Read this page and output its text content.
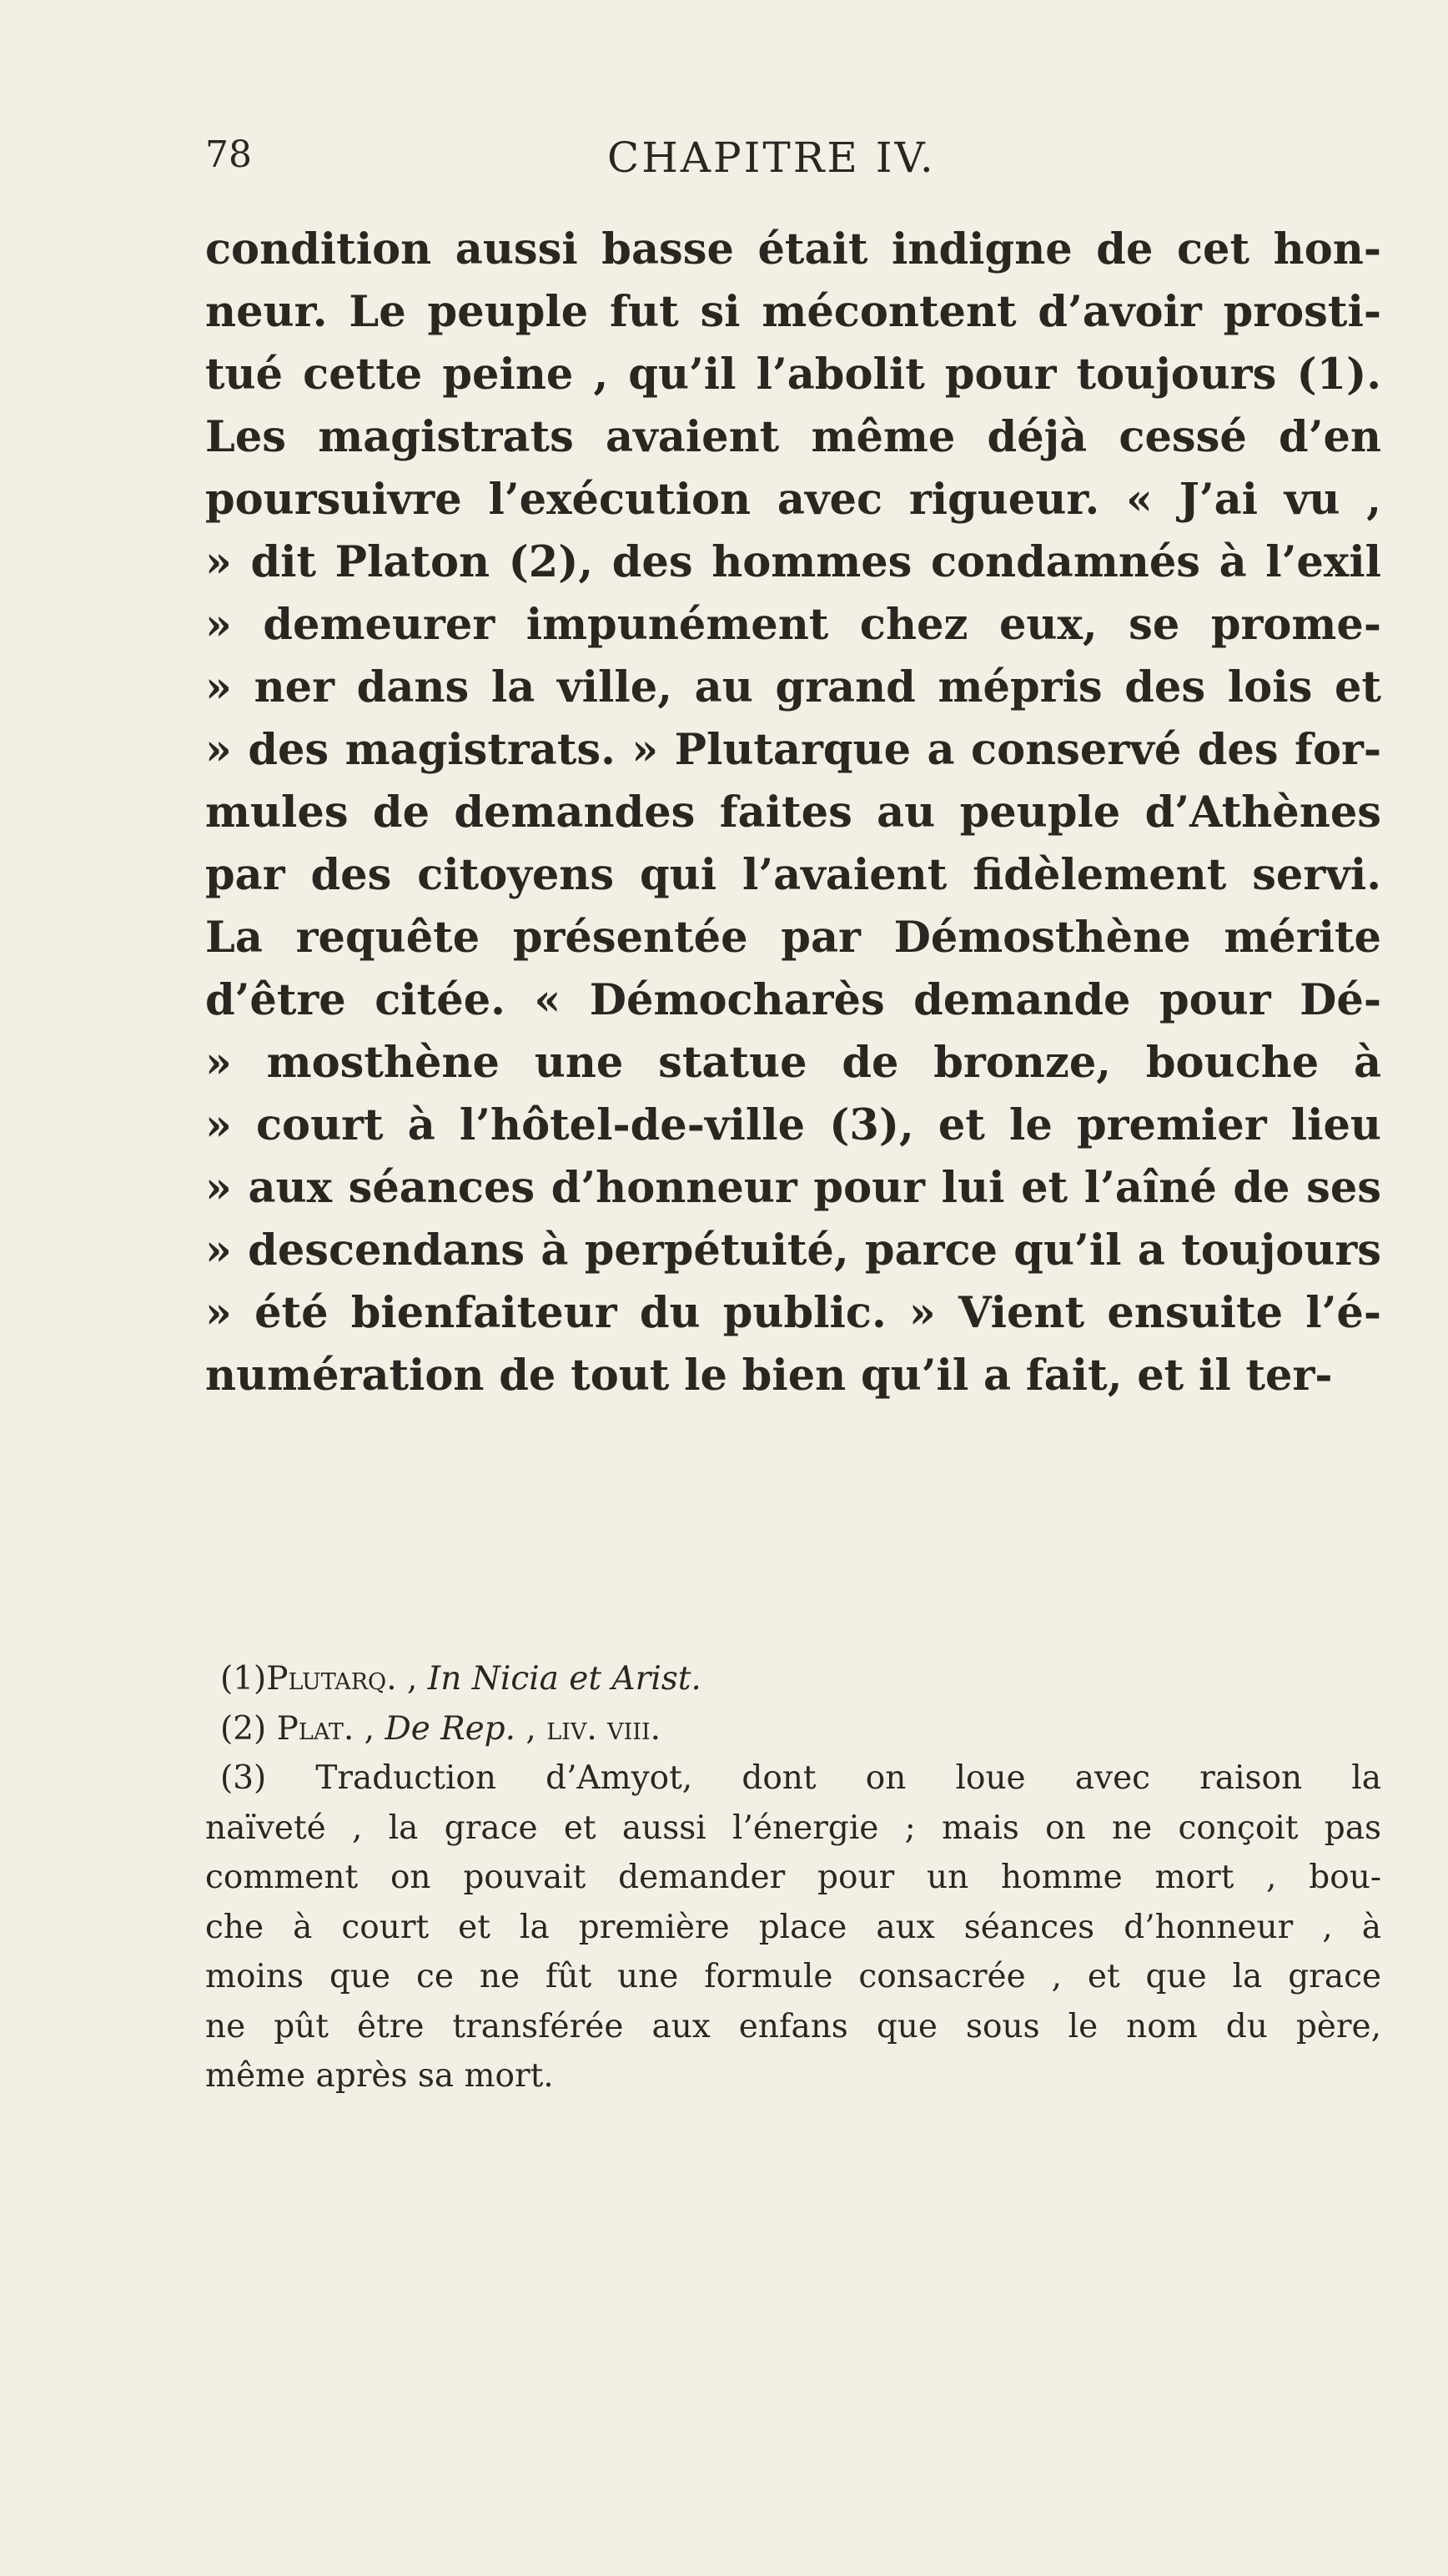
78	CHAPITRE IV.
condition aussi basse était indigne de cet hon-
neur. Le peuple fut si mécontent d’avoir prosti-
tué cette peine , qu’il l’abolit pour toujours (1).
Les magistrats avaient même déjà cessé d’en
poursuivre l’exécution avec rigueur. « J’ai vu ,
» dit Platon (2), des hommes condamnés à l’exil
» demeurer impunément chez eux, se prome-
» ner dans la ville, au grand mépris des lois et
» des magistrats. » Plutarque a conservé des for-
mules de demandes faites au peuple d’Athènes
par des citoyens qui l’avaient fidèlement servi.
La requête présentée par Démosthène mérite
d’être citée. « Démocharès demande pour Dé-
» mosthène une statue de bronze, bouche à
» court à l’hôtel-de-ville (3), et le premier lieu
» aux séances d’honneur pour lui et l’aîné de ses
» descendans à perpétuité, parce qu’il a toujours
» été bienfaiteur du public. » Vient ensuite l’é-
numération de tout le bien qu’il a fait, et il ter-
(1)Plutarq. , In Nicia et Arist.
(2) Plat. , De Rep. , liv. viii.
(3) Traduction d’Amyot, dont on loue avec raison la
naïveté , la grace et aussi l’énergie ; mais on ne conçoit pas
comment on pouvait demander pour un homme mort , bou-
che à court et la première place aux séances d’honneur , à
moins que ce ne fût une formule consacrée , et que la grace
ne pût être transférée aux enfans que sous le nom du père,
même après sa mort.
